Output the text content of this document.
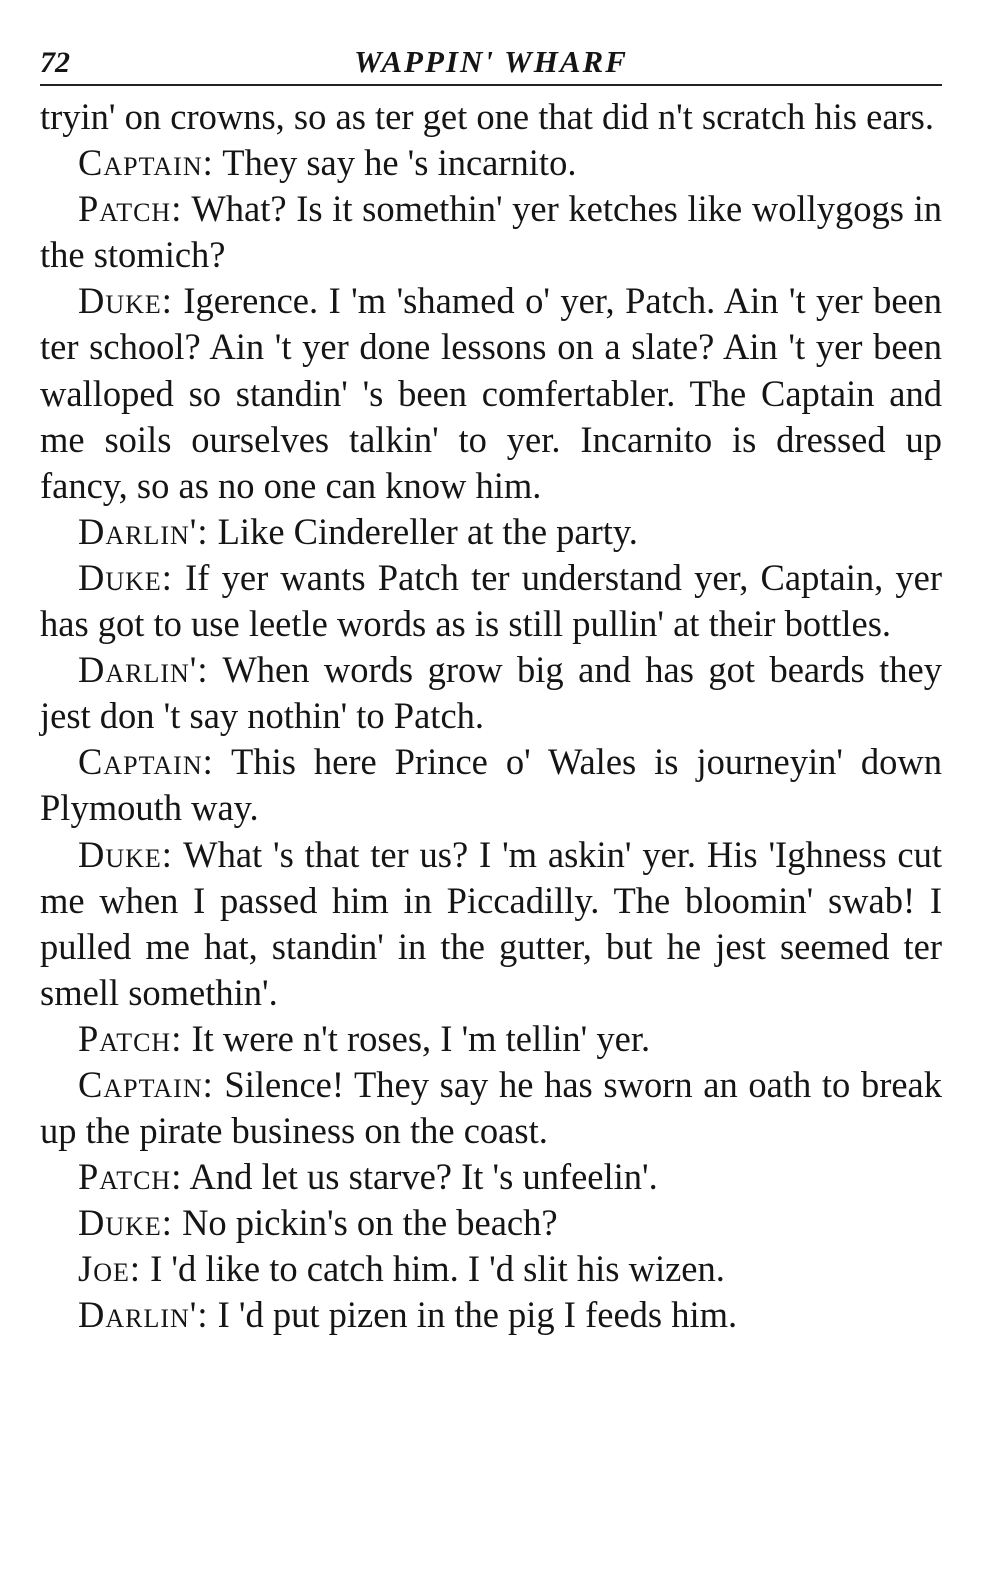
72	WAPPIN' WHARF

tryin' on crowns, so as ter get one that did n't scratch his ears.

Captain: They say he 's incarnito.

Patch: What? Is it somethin' yer ketches like wollygogs in the stomich?

Duke: Igerence. I 'm 'shamed o' yer, Patch. Ain 't yer been ter school? Ain 't yer done lessons on a slate? Ain 't yer been walloped so standin' 's been comfertabler. The Captain and me soils ourselves talkin' to yer. Incarnito is dressed up fancy, so as no one can know him.

Darlin': Like Cindereller at the party.

Duke: If yer wants Patch ter understand yer, Captain, yer has got to use leetle words as is still pullin' at their bottles.

Darlin': When words grow big and has got beards they jest don 't say nothin' to Patch.

Captain: This here Prince o' Wales is journeyin' down Plymouth way.

Duke: What 's that ter us? I 'm askin' yer. His 'Ighness cut me when I passed him in Piccadilly. The bloomin' swab! I pulled me hat, standin' in the gutter, but he jest seemed ter smell somethin'.

Patch: It were n't roses, I 'm tellin' yer.

Captain: Silence! They say he has sworn an oath to break up the pirate business on the coast.

Patch: And let us starve? It 's unfeelin'.

Duke: No pickin's on the beach?

Joe: I 'd like to catch him. I 'd slit his wizen.

Darlin': I 'd put pizen in the pig I feeds him.
